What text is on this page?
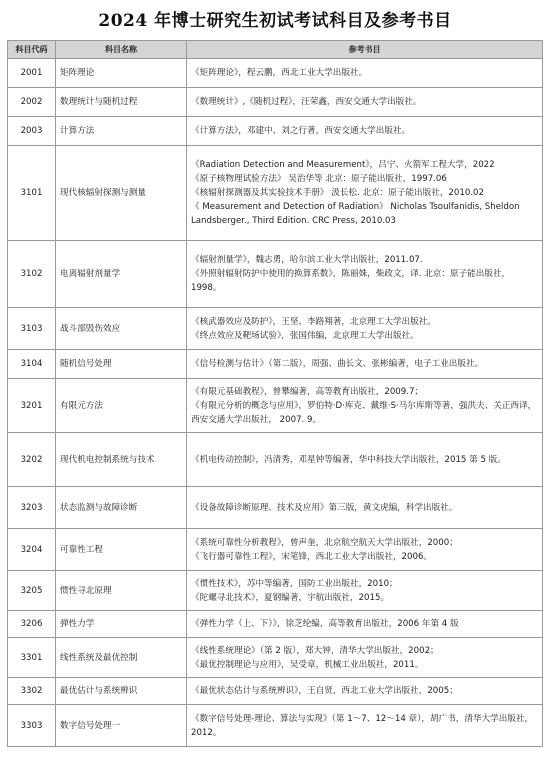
2024 年博士研究生初试考试科目及参考书目
科目代码	科目名称	参考书目
2001	矩阵理论	《矩阵理论》，程云鹏，西北工业大学出版社。

2002	数理统计与随机过程	《数理统计》,《随机过程》，汪荣鑫，西安交通大学出版社。

2003	计算方法	《计算方法》，邓建中、刘之行著，西安交通大学出版社。

3101	现代核辐射探测与测量	《Radiation Detection and Measurement》，吕宁、火箭军工程大学，2022
《原子核物理试验方法》 吴治华等 北京：原子能出版社，1997.06
《核辐射探测器及其实验技术手册》 汲长松. 北京：原子能出版社，2010.02
《 Measurement and Detection of Radiation》 Nicholas Tsoulfanidis, Sheldon Landsberger., Third Edition. CRC Press, 2010.03

3102	电离辐射剂量学	《辐射剂量学》，魏志勇，哈尔滨工业大学出版社，2011.07.
《外照射辐射防护中使用的换算系数》，陈丽姝，柴政文，译. 北京：原子能出版社，1998。

3103	战斗部毁伤效应	《核武器效应及防护》，王坚、李路翔著，北京理工大学出版社。
《终点效应及靶场试验》，张国伟编，北京理工大学出版社。

3104	随机信号处理	《信号检测与估计》（第二版），周强、曲长文、张彬编著，电子工业出版社。

3201	有限元方法	《有限元基础教程》，曾攀编著，高等教育出版社，2009.7；
《有限元分析的概念与应用》，罗伯特·D·库克、戴维·S·马尔库斯等著，强洪夫、关正西译，西安交通大学出版社， 2007. 9。

3202	现代机电控制系统与技术	《机电传动控制》，冯清秀，邓星钟等编著，华中科技大学出版社，2015 第 5 版。

3203	状态监测与故障诊断	《设备故障诊断原理、技术及应用》第三版，黄文虎编，科学出版社。

3204	可靠性工程	《系统可靠性分析教程》，曾声奎，北京航空航天大学出版社，2000；
《飞行器可靠性工程》，宋笔锋，西北工业大学出版社，2006。

3205	惯性寻北原理	《惯性技术》，苏中等编著，国防工业出版社，2010；
《陀螺寻北技术》，夏钢编著，宇航出版社，2015。

3206	弹性力学	《弹性力学（上、下）》，徐芝纶编，高等教育出版社，2006 年第 4 版

3301	线性系统及最优控制	《线性系统理论》（第 2 版），郑大钟，清华大学出版社，2002；
《最优控制理论与应用》，吴受章，机械工业出版社，2011。

3302	最优估计与系统辨识	《最优状态估计与系统辨识》，王自贤，西北工业大学出版社，2005；

3303	数字信号处理一	《数字信号处理-理论、算法与实现》（第 1～7、12～14 章），胡广书，清华大学出版社，2012。
